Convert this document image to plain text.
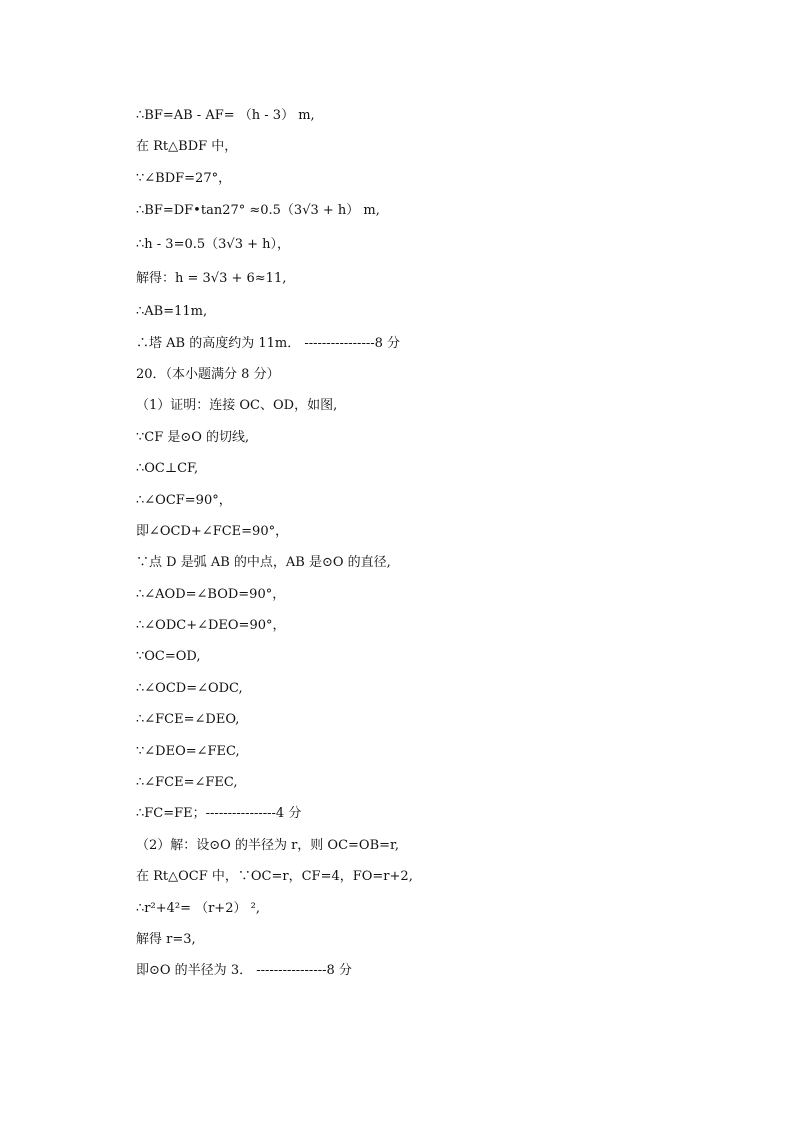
∴BF=AB - AF= （h - 3） m,
在 Rt△BDF 中，
∵∠BDF=27°，
∴BF=DF•tan27° ≈0.5（3√3 + h） m,
∴h - 3=0.5（3√3 + h），
解得：h = 3√3 + 6≈11,
∴AB=11m,
∴塔 AB 的高度约为 11m． ----------------8 分
20．（本小题满分 8 分）
（1）证明：连接 OC、OD，如图,
∵CF 是⊙O 的切线,
∴OC⊥CF,
∴∠OCF=90°，
即∠OCD+∠FCE=90°，
∵点 D 是弧 AB 的中点，AB 是⊙O 的直径,
∴∠AOD=∠BOD=90°，
∴∠ODC+∠DEO=90°，
∵OC=OD,
∴∠OCD=∠ODC,
∴∠FCE=∠DEO,
∵∠DEO=∠FEC,
∴∠FCE=∠FEC,
∴FC=FE；----------------4 分
（2）解：设⊙O 的半径为 r，则 OC=OB=r,
在 Rt△OCF 中，∵OC=r，CF=4，FO=r+2,
∴r²+4²= （r+2） ²,
解得 r=3,
即⊙O 的半径为 3． ----------------8 分
